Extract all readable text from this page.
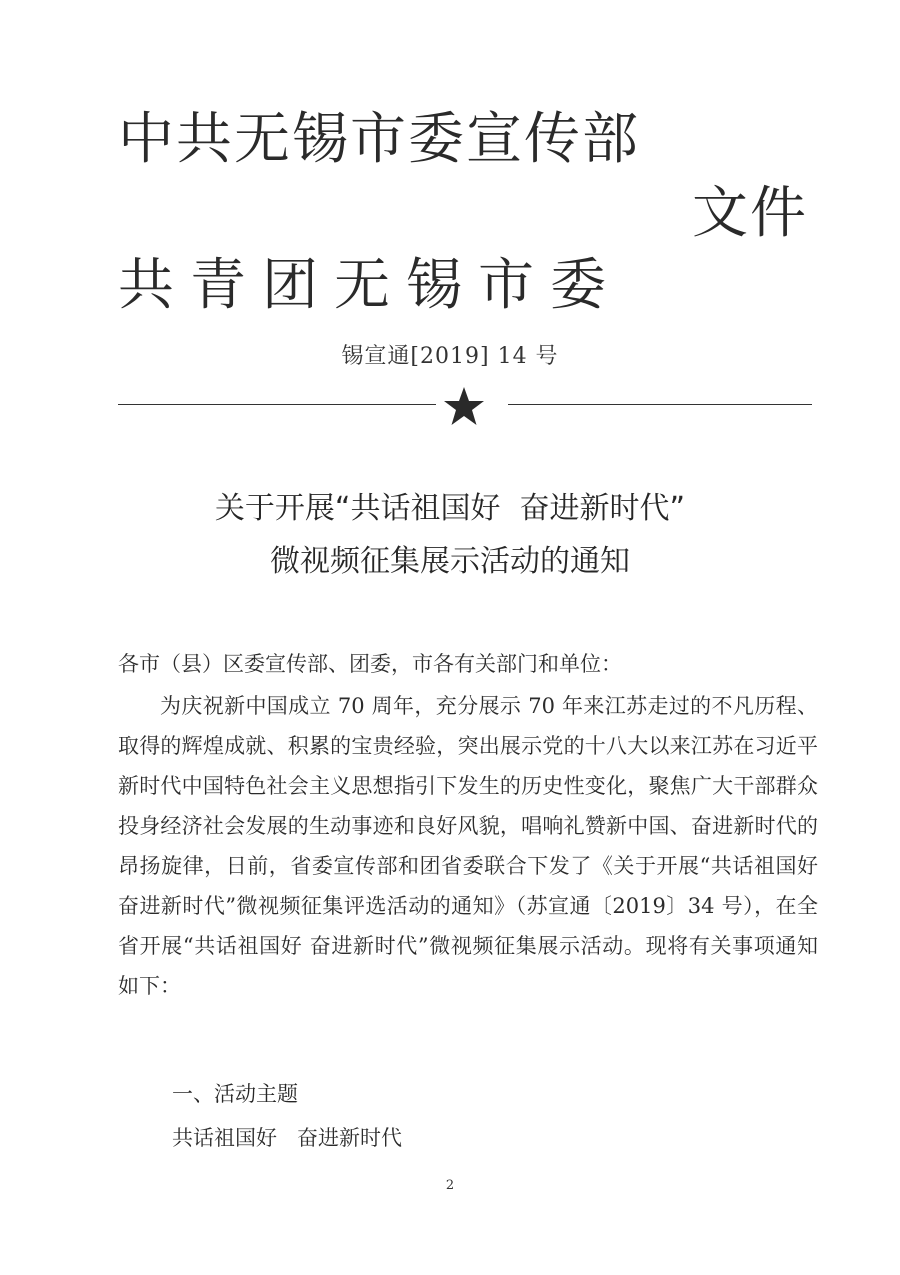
中共无锡市委宣传部
文件
共青团无锡市委
锡宣通[2019] 14 号
关于开展“共话祖国好  奋进新时代”
微视频征集展示活动的通知
各市（县）区委宣传部、团委，市各有关部门和单位：
为庆祝新中国成立 70 周年，充分展示 70 年来江苏走过的不凡历程、取得的辉煌成就、积累的宝贵经验，突出展示党的十八大以来江苏在习近平新时代中国特色社会主义思想指引下发生的历史性变化，聚焦广大干部群众投身经济社会发展的生动事迹和良好风貌，唱响礼赞新中国、奋进新时代的昂扬旋律，日前，省委宣传部和团省委联合下发了《关于开展“共话祖国好 奋进新时代”微视频征集评选活动的通知》（苏宣通〔2019〕34 号），在全省开展“共话祖国好 奋进新时代”微视频征集展示活动。现将有关事项通知如下：
一、活动主题
共话祖国好   奋进新时代
2
